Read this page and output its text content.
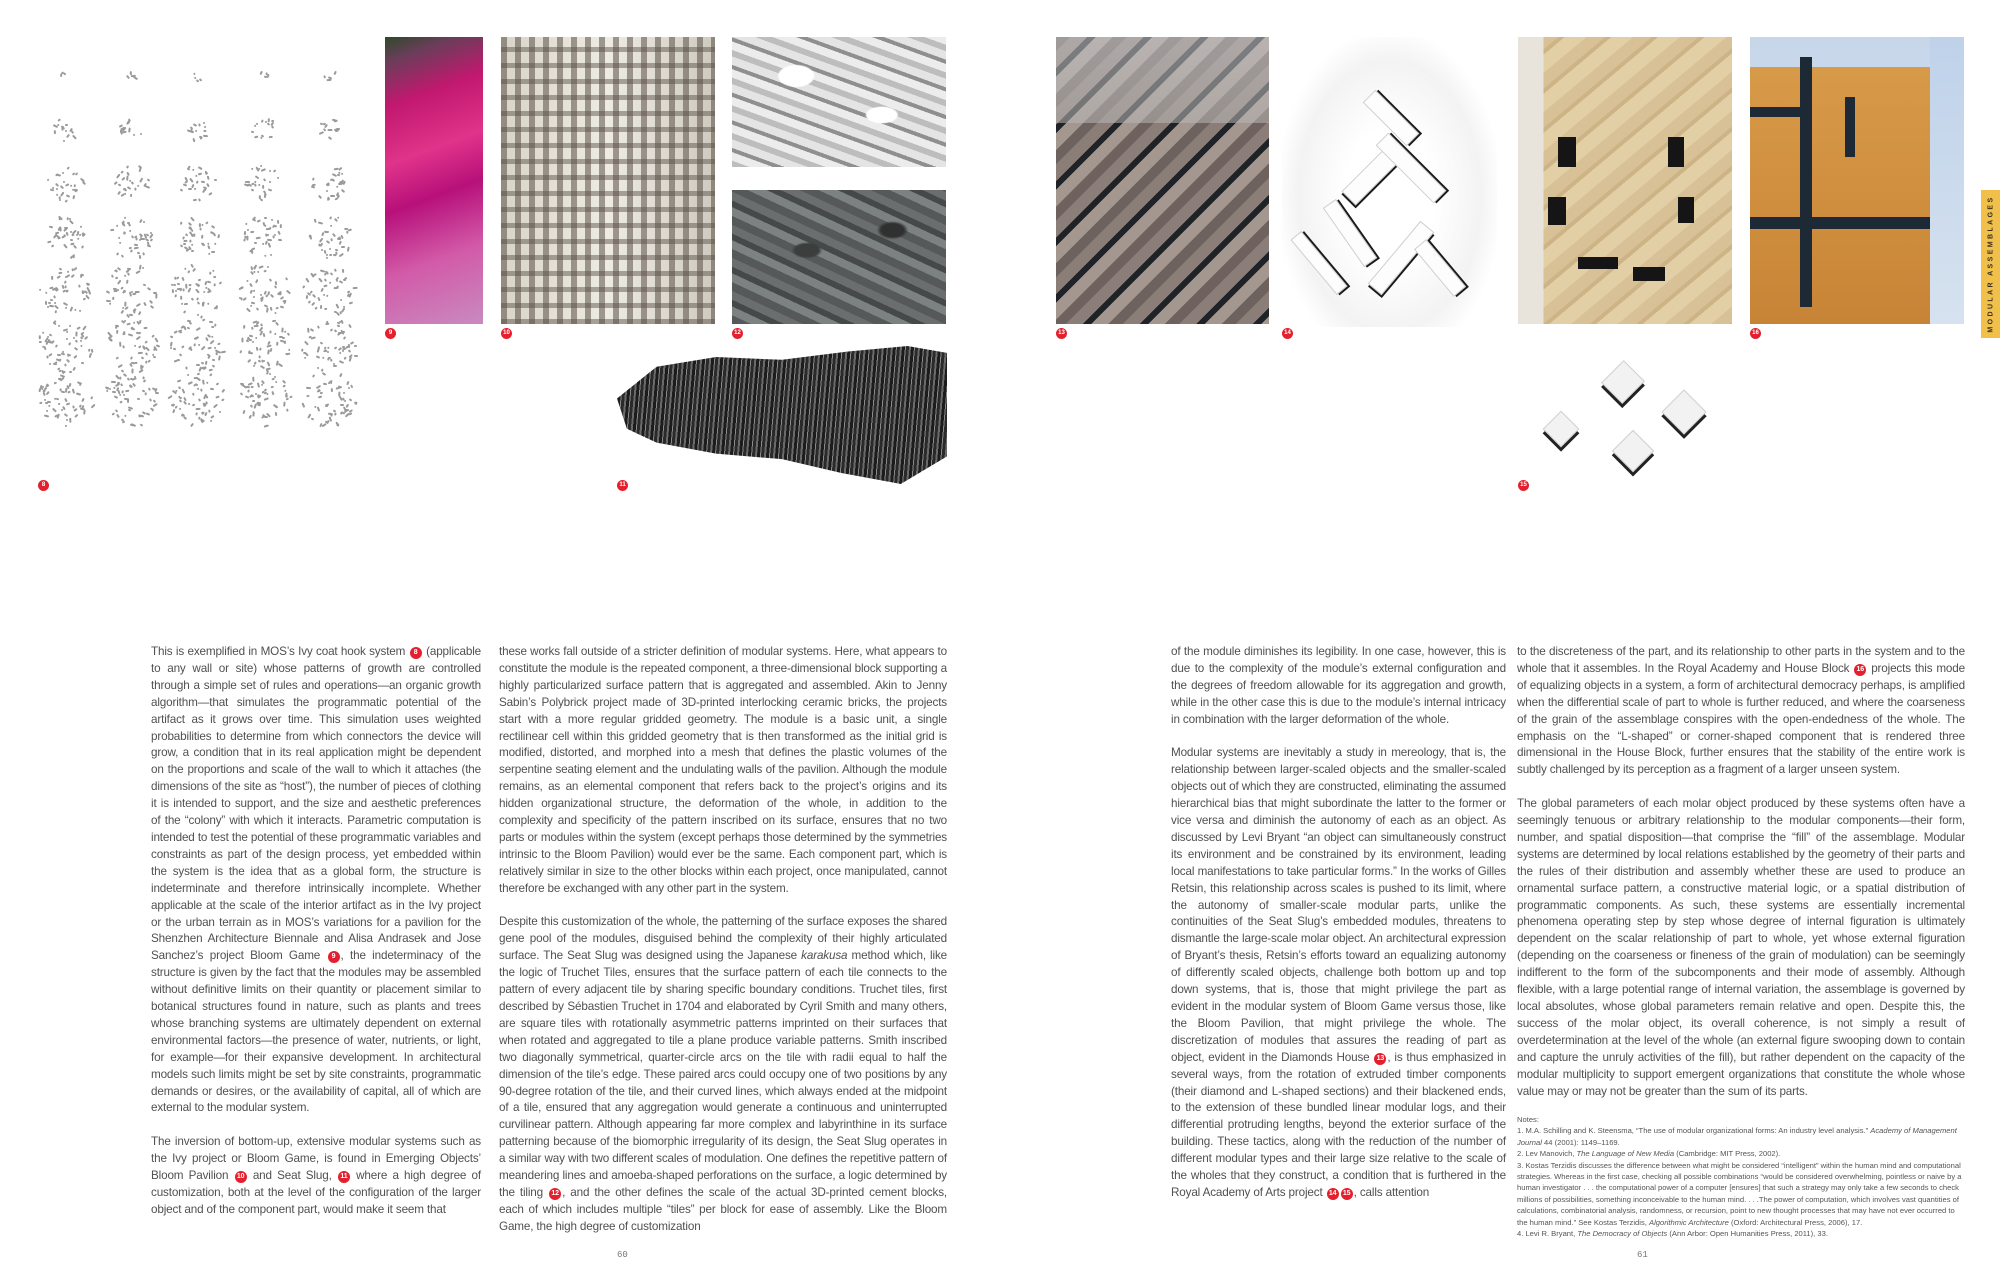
8
9	10	12
11
13	14	16
15
MODULAR ASSEMBLAGES

This is exemplified in MOS’s Ivy coat hook system 8 (applicable to any wall or site) whose patterns of growth are controlled through a simple set of rules and operations—an organic growth algorithm—that simulates the programmatic potential of the artifact as it grows over time. This simulation uses weighted probabilities to determine from which connectors the device will grow, a condition that in its real application might be dependent on the proportions and scale of the wall to which it attaches (the dimensions of the site as “host”), the number of pieces of clothing it is intended to support, and the size and aesthetic preferences of the “colony” with which it interacts. Parametric computation is intended to test the potential of these programmatic variables and constraints as part of the design process, yet embedded within the system is the idea that as a global form, the structure is indeterminate and therefore intrinsically incomplete. Whether applicable at the scale of the interior artifact as in the Ivy project or the urban terrain as in MOS’s variations for a pavilion for the Shenzhen Architecture Biennale and Alisa Andrasek and Jose Sanchez’s project Bloom Game 9 , the indeterminacy of the structure is given by the fact that the modules may be assembled without definitive limits on their quantity or placement similar to botanical structures found in nature, such as plants and trees whose branching systems are ultimately dependent on external environmental factors—the presence of water, nutrients, or light, for example—for their expansive development. In architectural models such limits might be set by site constraints, programmatic demands or desires, or the availability of capital, all of which are external to the modular system.

The inversion of bottom-up, extensive modular systems such as the Ivy project or Bloom Game, is found in Emerging Objects’ Bloom Pavilion 10 and Seat Slug, 11 where a high degree of customization, both at the level of the configuration of the larger object and of the component part, would make it seem that

these works fall outside of a stricter definition of modular systems. Here, what appears to constitute the module is the repeated component, a three-dimensional block supporting a highly particularized surface pattern that is aggregated and assembled. Akin to Jenny Sabin’s Polybrick project made of 3D-printed interlocking ceramic bricks, the projects start with a more regular gridded geometry. The module is a basic unit, a single rectilinear cell within this gridded geometry that is then transformed as the initial grid is modified, distorted, and morphed into a mesh that defines the plastic volumes of the serpentine seating element and the undulating walls of the pavilion. Although the module remains, as an elemental component that refers back to the project’s origins and its hidden organizational structure, the deformation of the whole, in addition to the complexity and specificity of the pattern inscribed on its surface, ensures that no two parts or modules within the system (except perhaps those determined by the symmetries intrinsic to the Bloom Pavilion) would ever be the same. Each component part, which is relatively similar in size to the other blocks within each project, once manipulated, cannot therefore be exchanged with any other part in the system.

Despite this customization of the whole, the patterning of the surface exposes the shared gene pool of the modules, disguised behind the complexity of their highly articulated surface. The Seat Slug was designed using the Japanese karakusa method which, like the logic of Truchet Tiles, ensures that the surface pattern of each tile connects to the pattern of every adjacent tile by sharing specific boundary conditions. Truchet tiles, first described by Sébastien Truchet in 1704 and elaborated by Cyril Smith and many others, are square tiles with rotationally asymmetric patterns imprinted on their surfaces that when rotated and aggregated to tile a plane produce variable patterns. Smith inscribed two diagonally symmetrical, quarter-circle arcs on the tile with radii equal to half the dimension of the tile’s edge. These paired arcs could occupy one of two positions by any 90-degree rotation of the tile, and their curved lines, which always ended at the midpoint of a tile, ensured that any aggregation would generate a continuous and uninterrupted curvilinear pattern. Although appearing far more complex and labyrinthine in its surface patterning because of the biomorphic irregularity of its design, the Seat Slug operates in a similar way with two different scales of modulation. One defines the repetitive pattern of meandering lines and amoeba-shaped perforations on the surface, a logic determined by the tiling 12 , and the other defines the scale of the actual 3D-printed cement blocks, each of which includes multiple “tiles” per block for ease of assembly. Like the Bloom Game, the high degree of customization

60

of the module diminishes its legibility. In one case, however, this is due to the complexity of the module’s external configuration and the degrees of freedom allowable for its aggregation and growth, while in the other case this is due to the module’s internal intricacy in combination with the larger deformation of the whole.

Modular systems are inevitably a study in mereology, that is, the relationship between larger-scaled objects and the smaller-scaled objects out of which they are constructed, eliminating the assumed hierarchical bias that might subordinate the latter to the former or vice versa and diminish the autonomy of each as an object. As discussed by Levi Bryant “an object can simultaneously construct its environment and be constrained by its environment, leading local manifestations to take particular forms.” In the works of Gilles Retsin, this relationship across scales is pushed to its limit, where the autonomy of smaller-scale modular parts, unlike the continuities of the Seat Slug’s embedded modules, threatens to dismantle the large-scale molar object. An architectural expression of Bryant’s thesis, Retsin’s efforts toward an equalizing autonomy of differently scaled objects, challenge both bottom up and top down systems, that is, those that might privilege the part as evident in the modular system of Bloom Game versus those, like the Bloom Pavilion, that might privilege the whole. The discretization of modules that assures the reading of part as object, evident in the Diamonds House 13 , is thus emphasized in several ways, from the rotation of extruded timber components (their diamond and L-shaped sections) and their blackened ends, to the extension of these bundled linear modular logs, and their differential protruding lengths, beyond the exterior surface of the building. These tactics, along with the reduction of the number of different modular types and their large size relative to the scale of the wholes that they construct, a condition that is furthered in the Royal Academy of Arts project 14 15 , calls attention

to the discreteness of the part, and its relationship to other parts in the system and to the whole that it assembles. In the Royal Academy and House Block 16 projects this mode of equalizing objects in a system, a form of architectural democracy perhaps, is amplified when the differential scale of part to whole is further reduced, and where the coarseness of the grain of the assemblage conspires with the open-endedness of the whole. The emphasis on the “L-shaped” or corner-shaped component that is rendered three dimensional in the House Block, further ensures that the stability of the entire work is subtly challenged by its perception as a fragment of a larger unseen system.

The global parameters of each molar object produced by these systems often have a seemingly tenuous or arbitrary relationship to the modular components—their form, number, and spatial disposition—that comprise the “fill” of the assemblage. Modular systems are determined by local relations established by the geometry of their parts and the rules of their distribution and assembly whether these are used to produce an ornamental surface pattern, a constructive material logic, or a spatial distribution of programmatic components. As such, these systems are essentially incremental phenomena operating step by step whose degree of internal figuration is ultimately dependent on the scalar relationship of part to whole, yet whose external figuration (depending on the coarseness or fineness of the grain of modulation) can be seemingly indifferent to the form of the subcomponents and their mode of assembly. Although flexible, with a large potential range of internal variation, the assemblage is governed by local absolutes, whose global parameters remain relative and open. Despite this, the success of the molar object, its overall coherence, is not simply a result of overdetermination at the level of the whole (an external figure swooping down to contain and capture the unruly activities of the fill), but rather dependent on the capacity of the modular multiplicity to support emergent organizations that constitute the whole whose value may or may not be greater than the sum of its parts.

Notes:

1. M.A. Schilling and K. Steensma, “The use of modular organizational forms: An industry level analysis.” Academy of Management Journal 44 (2001): 1149–1169.

2. Lev Manovich, The Language of New Media (Cambridge: MIT Press, 2002).

3. Kostas Terzidis discusses the difference between what might be considered “intelligent” within the human mind and computational strategies. Whereas in the first case, checking all possible combinations “would be considered overwhelming, pointless or naive by a human investigator . . . the computational power of a computer [ensures] that such a strategy may only take a few seconds to check millions of possibilities, something inconceivable to the human mind. . . .The power of computation, which involves vast quantities of calculations, combinatorial analysis, randomness, or recursion, point to new thought processes that may have not ever occurred to the human mind.” See Kostas Terzidis, Algorithmic Architecture (Oxford: Architectural Press, 2006), 17.

4. Levi R. Bryant, The Democracy of Objects (Ann Arbor: Open Humanities Press, 2011), 33.

61
